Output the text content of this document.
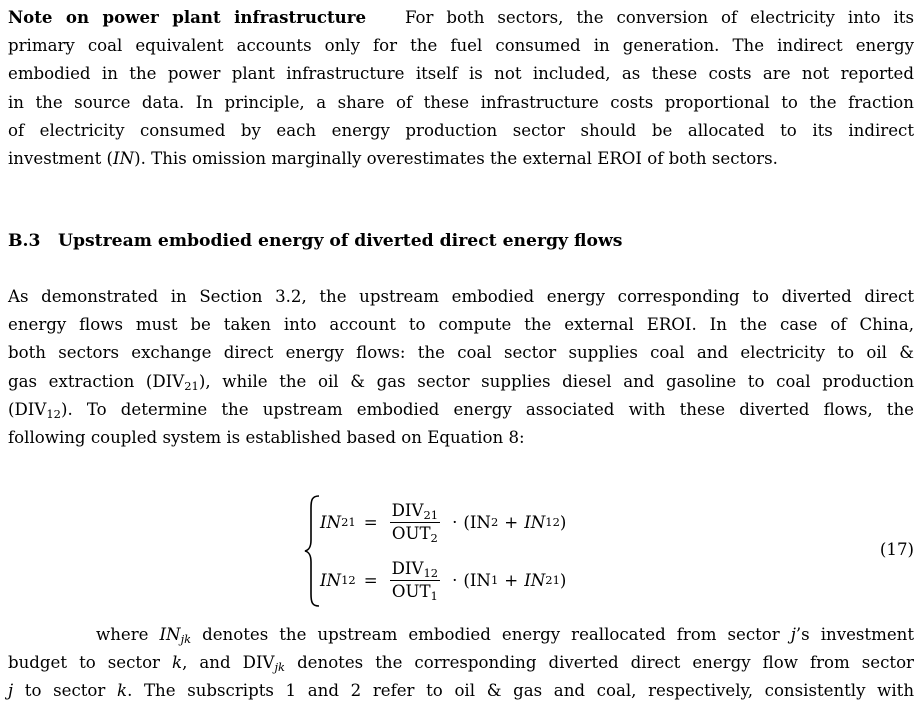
Note on power plant infrastructure For both sectors, the conversion of electricity into its

primary coal equivalent accounts only for the fuel consumed in generation. The indirect energy

embodied in the power plant infrastructure itself is not included, as these costs are not reported

in the source data. In principle, a share of these infrastructure costs proportional to the fraction

of electricity consumed by each energy production sector should be allocated to its indirect

investment (IN). This omission marginally overestimates the external EROI of both sectors.

B.3 Upstream embodied energy of diverted direct energy flows

As demonstrated in Section 3.2, the upstream embodied energy corresponding to diverted direct

energy flows must be taken into account to compute the external EROI. In the case of China,

both sectors exchange direct energy flows: the coal sector supplies coal and electricity to oil &

gas extraction $(DIV_{21})$, while the oil & gas sector supplies diesel and gasoline to coal production

$(DIV_{12})$. To determine the upstream embodied energy associated with these diverted flows, the

following coupled system is established based on Equation 8:

IN $21 = \frac{DIV_{21}}{OUT_2}$ · ( IN 2 + IN 12 )
IN $12 = \frac{DIV_{12}}{OUT_1}$ · ( IN 1 + IN 21 )
(17)

where $IN_{jk}$ denotes the upstream embodied energy reallocated from sector j’s investment

budget to sector k, and $DIV_{jk}$ denotes the corresponding diverted direct energy flow from sector

j to sector k. The subscripts 1 and 2 refer to oil & gas and coal, respectively, consistently with
